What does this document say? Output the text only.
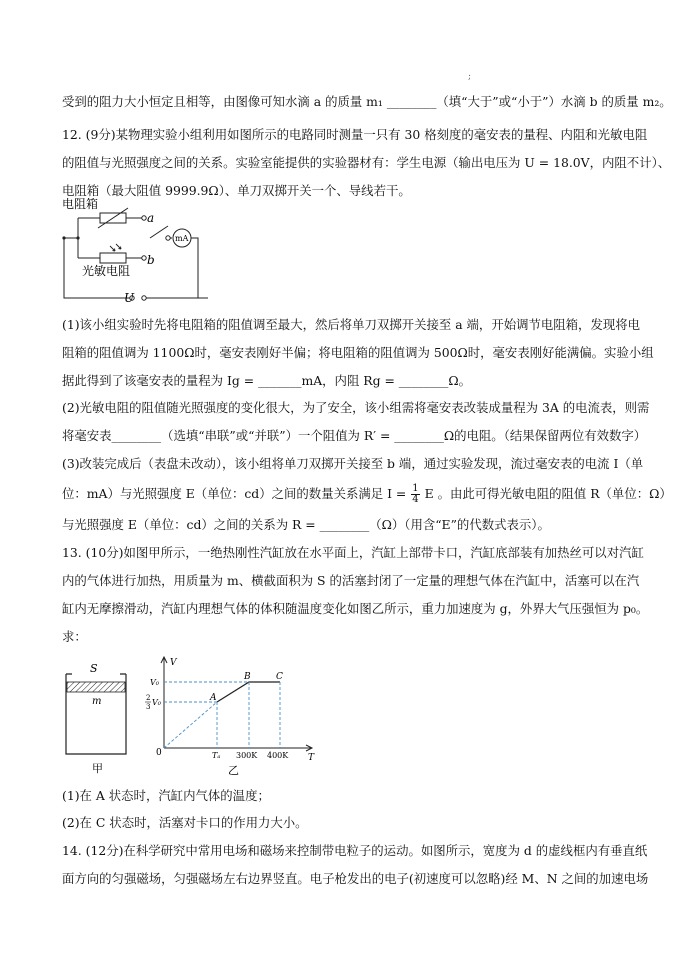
;
受到的阻力大小恒定且相等，由图像可知水滴 a 的质量 m₁ ________（填“大于”或“小于”）水滴 b 的质量 m₂。
12. (9分)某物理实验小组利用如图所示的电路同时测量一只有 30 格刻度的毫安表的量程、内阻和光敏电阻
的阻值与光照强度之间的关系。实验室能提供的实验器材有：学生电源（输出电压为 U = 18.0V，内阻不计）、
电阻箱（最大阻值 9999.9Ω）、单刀双掷开关一个、导线若干。
电阻箱
a
b
mA
光敏电阻
U
(1)该小组实验时先将电阻箱的阻值调至最大，然后将单刀双掷开关接至 a 端，开始调节电阻箱，发现将电
阻箱的阻值调为 1100Ω时，毫安表刚好半偏；将电阻箱的阻值调为 500Ω时，毫安表刚好能满偏。实验小组
据此得到了该毫安表的量程为 Ig = _______mA，内阻 Rg = ________Ω。
(2)光敏电阻的阻值随光照强度的变化很大，为了安全，该小组需将毫安表改装成量程为 3A 的电流表，则需
将毫安表________（选填“串联”或“并联”）一个阻值为 R′ = ________Ω的电阻。（结果保留两位有效数字）
(3)改装完成后（表盘未改动），该小组将单刀双掷开关接至 b 端，通过实验发现，流过毫安表的电流 I（单
位：mA）与光照强度 E（单位：cd）之间的数量关系满足 $I = \frac{1}{4}$ E 。由此可得光敏电阻的阻值 R（单位：Ω）
与光照强度 E（单位：cd）之间的关系为 R = ________（Ω）（用含“E”的代数式表示）。
13. (10分)如图甲所示，一绝热刚性汽缸放在水平面上，汽缸上部带卡口，汽缸底部装有加热丝可以对汽缸
内的气体进行加热，用质量为 m、横截面积为 S 的活塞封闭了一定量的理想气体在汽缸中，活塞可以在汽
缸内无摩擦滑动，汽缸内理想气体的体积随温度变化如图乙所示，重力加速度为 g，外界大气压强恒为 p₀。
求：
S
m
甲
V
T
0
V₀
2
3 V₀	A
B	C
Tₐ 300K 400K
乙
(1)在 A 状态时，汽缸内气体的温度；
(2)在 C 状态时，活塞对卡口的作用力大小。
14. (12分)在科学研究中常用电场和磁场来控制带电粒子的运动。如图所示，宽度为 d 的虚线框内有垂直纸
面方向的匀强磁场，匀强磁场左右边界竖直。电子枪发出的电子(初速度可以忽略)经 M、N 之间的加速电场
